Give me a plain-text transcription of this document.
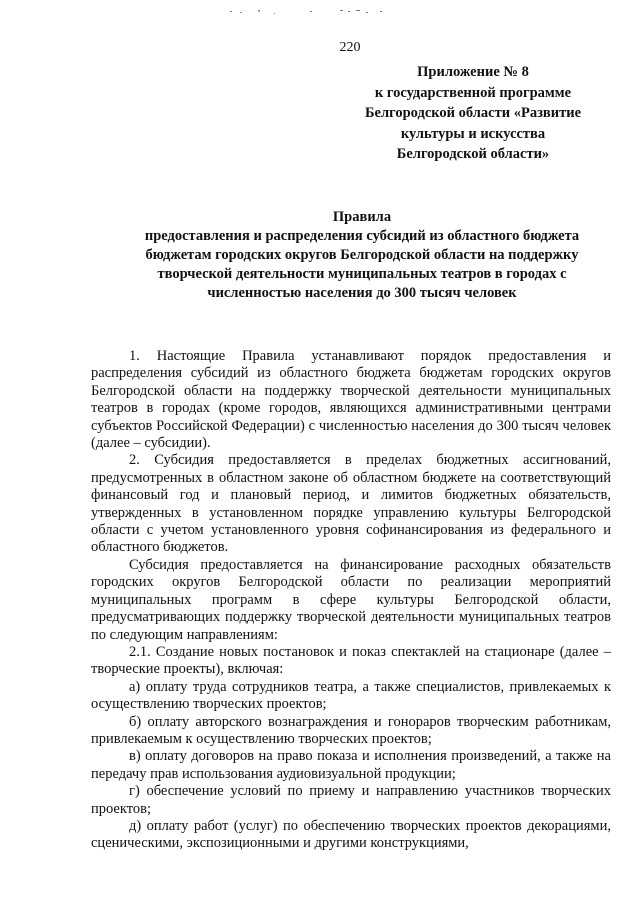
220
Приложение № 8
к государственной программе
Белгородской области «Развитие
культуры и искусства
Белгородской области»
Правила
предоставления и распределения субсидий из областного бюджета
бюджетам городских округов Белгородской области на поддержку
творческой деятельности муниципальных театров в городах с
численностью населения до 300 тысяч человек

1. Настоящие Правила устанавливают порядок предоставления и распределения субсидий из областного бюджета бюджетам городских округов Белгородской области на поддержку творческой деятельности муниципальных театров в городах (кроме городов, являющихся административными центрами субъектов Российской Федерации) с численностью населения до 300 тысяч человек (далее – субсидии).

2. Субсидия предоставляется в пределах бюджетных ассигнований, предусмотренных в областном законе об областном бюджете на соответствующий финансовый год и плановый период, и лимитов бюджетных обязательств, утвержденных в установленном порядке управлению культуры Белгородской области с учетом установленного уровня софинансирования из федерального и областного бюджетов.

Субсидия предоставляется на финансирование расходных обязательств городских округов Белгородской области по реализации мероприятий муниципальных программ в сфере культуры Белгородской области, предусматривающих поддержку творческой деятельности муниципальных театров по следующим направлениям:

2.1. Создание новых постановок и показ спектаклей на стационаре (далее – творческие проекты), включая:

а) оплату труда сотрудников театра, а также специалистов, привлекаемых к осуществлению творческих проектов;

б) оплату авторского вознаграждения и гонораров творческим работникам, привлекаемым к осуществлению творческих проектов;

в) оплату договоров на право показа и исполнения произведений, а также на передачу прав использования аудиовизуальной продукции;

г) обеспечение условий по приему и направлению участников творческих проектов;

д) оплату работ (услуг) по обеспечению творческих проектов декорациями, сценическими, экспозиционными и другими конструкциями,
